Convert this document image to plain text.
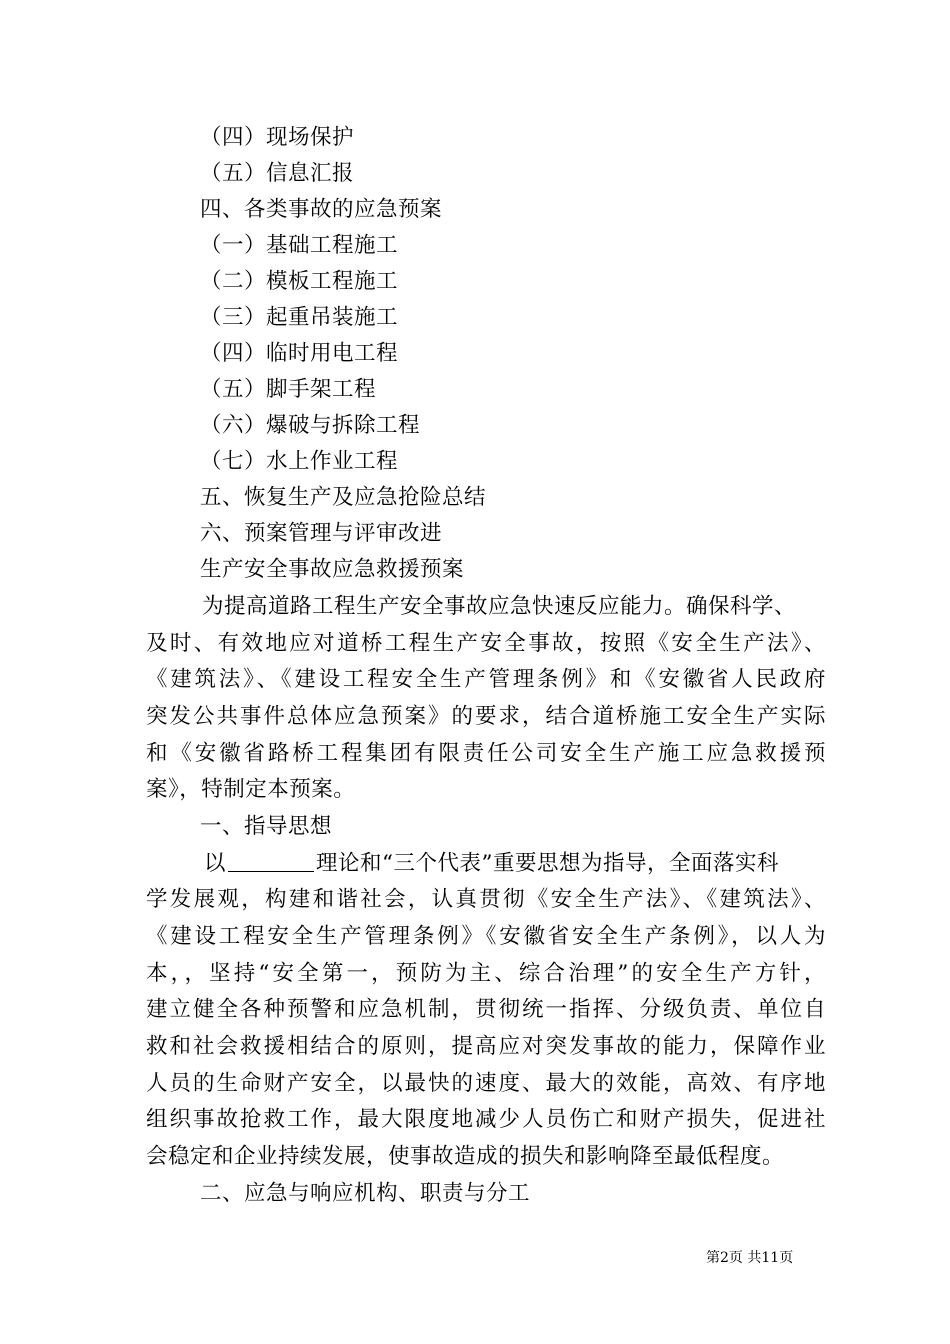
（四）现场保护
（五）信息汇报
四、各类事故的应急预案
（一）基础工程施工
（二）模板工程施工
（三）起重吊装施工
（四）临时用电工程
（五）脚手架工程
（六）爆破与拆除工程
（七）水上作业工程
五、恢复生产及应急抢险总结
六、预案管理与评审改进
生产安全事故应急救援预案
为提高道路工程生产安全事故应急快速反应能力。确保科学、
及时、有效地应对道桥工程生产安全事故，按照《安全生产法》、
《建筑法》、《建设工程安全生产管理条例》和《安徽省人民政府
突发公共事件总体应急预案》的要求，结合道桥施工安全生产实际
和《安徽省路桥工程集团有限责任公司安全生产施工应急救援预
案》，特制定本预案。
一、指导思想
以	理论和“三个代表”重要思想为指导，全面落实科
学发展观，构建和谐社会，认真贯彻《安全生产法》、《建筑法》、
《建设工程安全生产管理条例》《安徽省安全生产条例》，以人为
本，，坚持“安全第一，预防为主、综合治理”的安全生产方针，
建立健全各种预警和应急机制，贯彻统一指挥、分级负责、单位自
救和社会救援相结合的原则，提高应对突发事故的能力，保障作业
人员的生命财产安全，以最快的速度、最大的效能，高效、有序地
组织事故抢救工作，最大限度地减少人员伤亡和财产损失，促进社
会稳定和企业持续发展，使事故造成的损失和影响降至最低程度。
二、应急与响应机构、职责与分工
第2页 共11页
